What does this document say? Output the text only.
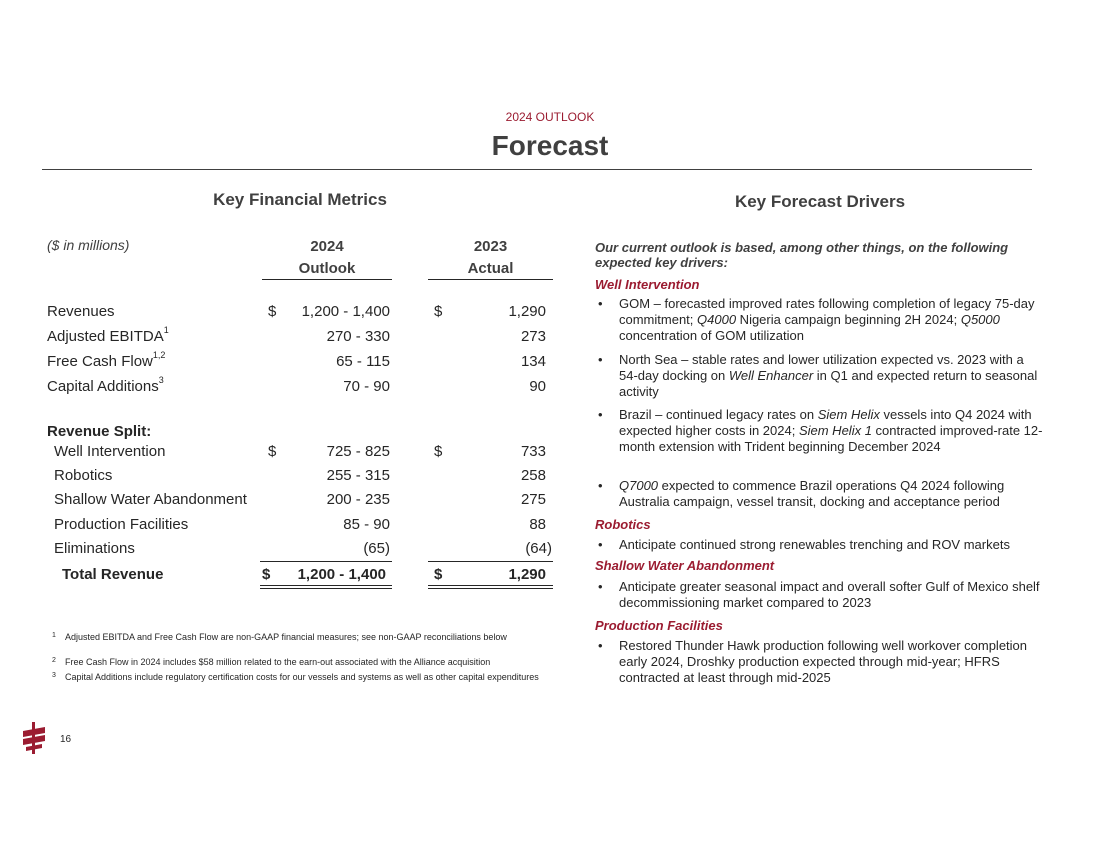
2024 OUTLOOK
Forecast
Key Financial Metrics
($ in millions)	2024
Outlook
2023
Actual
Revenues	$ 1,200 - 1,400	$	1,290
Adjusted EBITDA$^1$	270 - 330	273
Free Cash Flow$^{1,2}$	65 - 115	134
Capital Additions$^3$	70 - 90	90
Revenue Split:
Well Intervention	$	725 - 825	$	733
Robotics	255 - 315	258
Shallow Water Abandonment	200 - 235	275
Production Facilities	85 - 90	88
Eliminations	(65)	(64)
Total Revenue	$ 1,200 - 1,400	$	1,290
1 Adjusted EBITDA and Free Cash Flow are non-GAAP financial measures; see non-GAAP reconciliations below
2 Free Cash Flow in 2024 includes $58 million related to the earn-out associated with the Alliance acquisition
3 Capital Additions include regulatory certification costs for our vessels and systems as well as other capital expenditures
Key Forecast Drivers
Our current outlook is based, among other things, on the following expected key drivers:
Well Intervention
• GOM – forecasted improved rates following completion of legacy 75-day commitment; Q4000 Nigeria campaign beginning 2H 2024; Q5000 concentration of GOM utilization
• North Sea – stable rates and lower utilization expected vs. 2023 with a 54-day docking on Well Enhancer in Q1 and expected return to seasonal activity
• Brazil – continued legacy rates on Siem Helix vessels into Q4 2024 with expected higher costs in 2024; Siem Helix 1 contracted improved-rate 12-month extension with Trident beginning December 2024
• Q7000 expected to commence Brazil operations Q4 2024 following Australia campaign, vessel transit, docking and acceptance period
Robotics
• Anticipate continued strong renewables trenching and ROV markets
Shallow Water Abandonment
• Anticipate greater seasonal impact and overall softer Gulf of Mexico shelf decommissioning market compared to 2023
Production Facilities
• Restored Thunder Hawk production following well workover completion early 2024, Droshky production expected through mid-year; HFRS contracted at least through mid-2025
16
